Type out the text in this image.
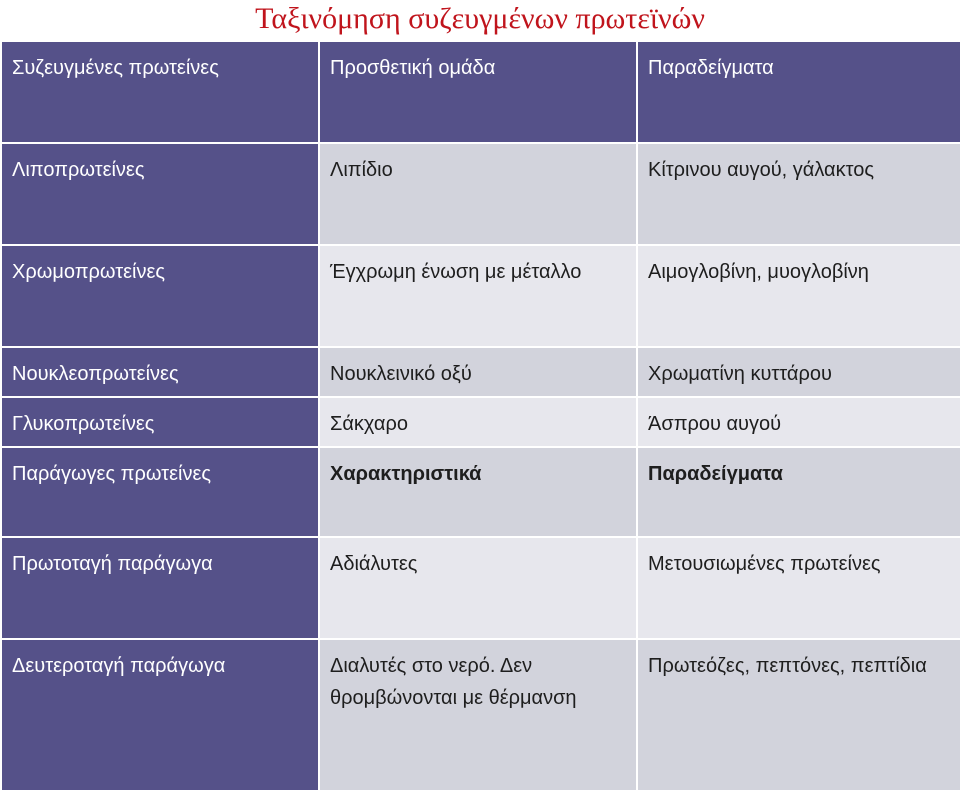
Ταξινόμηση συζευγμένων πρωτεϊνών
Συζευγμένες πρωτείνες	Προσθετική ομάδα	Παραδείγματα
Λιποπρωτείνες	Λιπίδιο	Κίτρινου αυγού, γάλακτος
Χρωμοπρωτείνες	Έγχρωμη ένωση με μέταλλο	Αιμογλοβίνη, μυογλοβίνη
Νουκλεοπρωτείνες	Νουκλεινικό οξύ	Χρωματίνη κυττάρου
Γλυκοπρωτείνες	Σάκχαρο	Άσπρου αυγού
Παράγωγες πρωτείνες	Χαρακτηριστικά	Παραδείγματα
Πρωτοταγή παράγωγα	Αδιάλυτες	Μετουσιωμένες πρωτείνες
Δευτεροταγή παράγωγα	Διαλυτές στο νερό. Δεν θρομβώνονται με θέρμανση	Πρωτεόζες, πεπτόνες, πεπτίδια
